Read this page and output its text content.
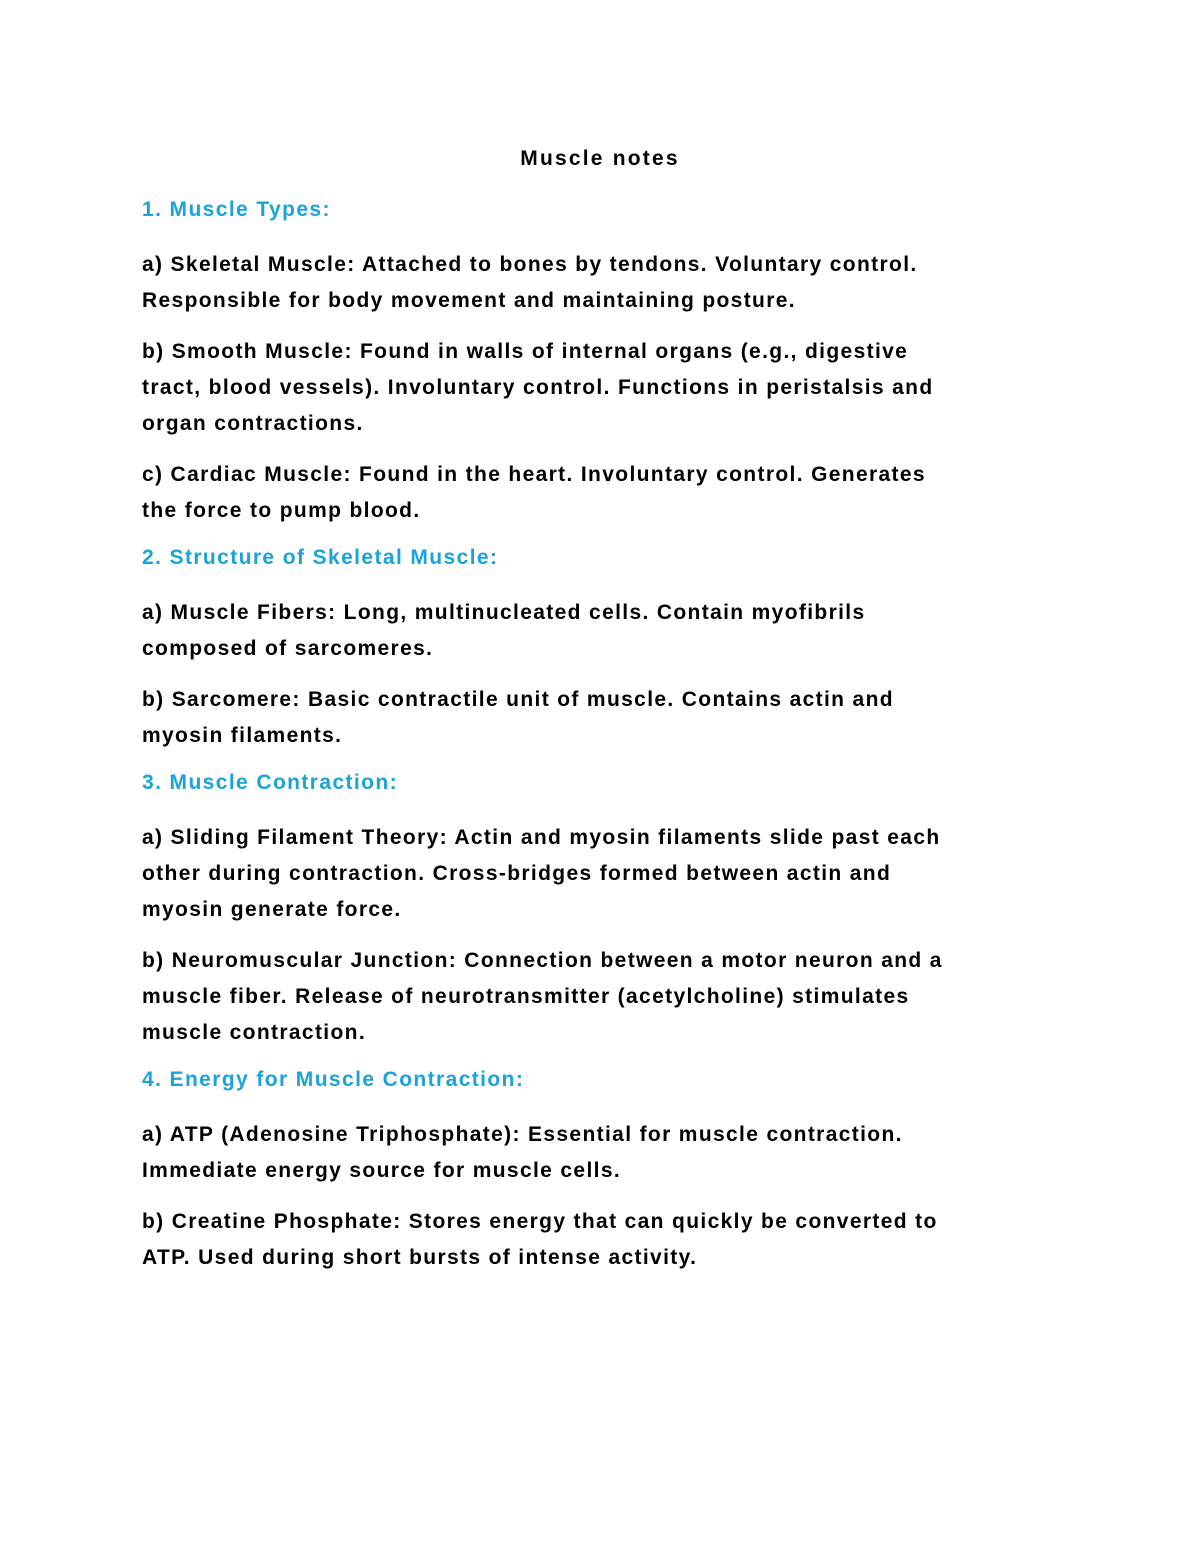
Muscle notes
1. Muscle Types:

a) Skeletal Muscle: Attached to bones by tendons. Voluntary control.
Responsible for body movement and maintaining posture.

b) Smooth Muscle: Found in walls of internal organs (e.g., digestive
tract, blood vessels). Involuntary control. Functions in peristalsis and
organ contractions.

c) Cardiac Muscle: Found in the heart. Involuntary control. Generates
the force to pump blood.

2. Structure of Skeletal Muscle:

a) Muscle Fibers: Long, multinucleated cells. Contain myofibrils
composed of sarcomeres.

b) Sarcomere: Basic contractile unit of muscle. Contains actin and
myosin filaments.

3. Muscle Contraction:

a) Sliding Filament Theory: Actin and myosin filaments slide past each
other during contraction. Cross-bridges formed between actin and
myosin generate force.

b) Neuromuscular Junction: Connection between a motor neuron and a
muscle fiber. Release of neurotransmitter (acetylcholine) stimulates
muscle contraction.

4. Energy for Muscle Contraction:

a) ATP (Adenosine Triphosphate): Essential for muscle contraction.
Immediate energy source for muscle cells.

b) Creatine Phosphate: Stores energy that can quickly be converted to
ATP. Used during short bursts of intense activity.
